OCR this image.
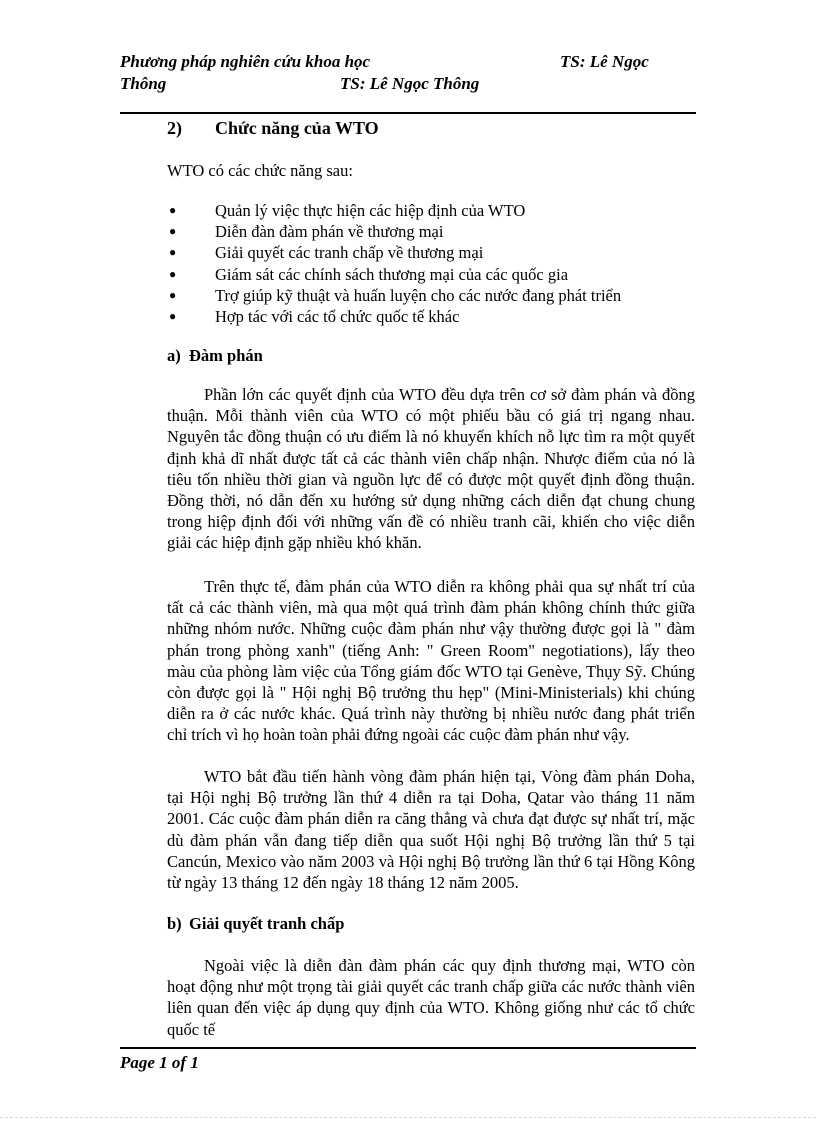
Phương pháp nghiên cứu khoa học	TS: Lê Ngọc
Thông	TS: Lê Ngọc Thông
2) Chức năng của WTO
WTO có các chức năng sau:
● Quản lý việc thực hiện các hiệp định của WTO
● Diễn đàn đàm phán về thương mại
● Giải quyết các tranh chấp về thương mại
● Giám sát các chính sách thương mại của các quốc gia
● Trợ giúp kỹ thuật và huấn luyện cho các nước đang phát triển
● Hợp tác với các tổ chức quốc tế khác
a) Đàm phán
Phần lớn các quyết định của WTO đều dựa trên cơ sở đàm phán và đồng thuận. Mỗi thành viên của WTO có một phiếu bầu có giá trị ngang nhau. Nguyên tắc đồng thuận có ưu điểm là nó khuyến khích nỗ lực tìm ra một quyết định khả dĩ nhất được tất cả các thành viên chấp nhận. Nhược điểm của nó là tiêu tốn nhiều thời gian và nguồn lực để có được một quyết định đồng thuận. Đồng thời, nó dẫn đến xu hướng sử dụng những cách diễn đạt chung chung trong hiệp định đối với những vấn đề có nhiều tranh cãi, khiến cho việc diễn giải các hiệp định gặp nhiều khó khăn.
Trên thực tế, đàm phán của WTO diễn ra không phải qua sự nhất trí của tất cả các thành viên, mà qua một quá trình đàm phán không chính thức giữa những nhóm nước. Những cuộc đàm phán như vậy thường được gọi là " đàm phán trong phòng xanh" (tiếng Anh: " Green Room" negotiations), lấy theo màu của phòng làm việc của Tổng giám đốc WTO tại Genève, Thụy Sỹ. Chúng còn được gọi là " Hội nghị Bộ trưởng thu hẹp" (Mini-Ministerials) khi chúng diễn ra ở các nước khác. Quá trình này thường bị nhiều nước đang phát triển chỉ trích vì họ hoàn toàn phải đứng ngoài các cuộc đàm phán như vậy.
WTO bắt đầu tiến hành vòng đàm phán hiện tại, Vòng đàm phán Doha, tại Hội nghị Bộ trưởng lần thứ 4 diễn ra tại Doha, Qatar vào tháng 11 năm 2001. Các cuộc đàm phán diễn ra căng thẳng và chưa đạt được sự nhất trí, mặc dù đàm phán vẫn đang tiếp diễn qua suốt Hội nghị Bộ trưởng lần thứ 5 tại Cancún, Mexico vào năm 2003 và Hội nghị Bộ trưởng lần thứ 6 tại Hồng Kông từ ngày 13 tháng 12 đến ngày 18 tháng 12 năm 2005.
b) Giải quyết tranh chấp
Ngoài việc là diễn đàn đàm phán các quy định thương mại, WTO còn hoạt động như một trọng tài giải quyết các tranh chấp giữa các nước thành viên liên quan đến việc áp dụng quy định của WTO. Không giống như các tổ chức quốc tế
Page 1 of 1
